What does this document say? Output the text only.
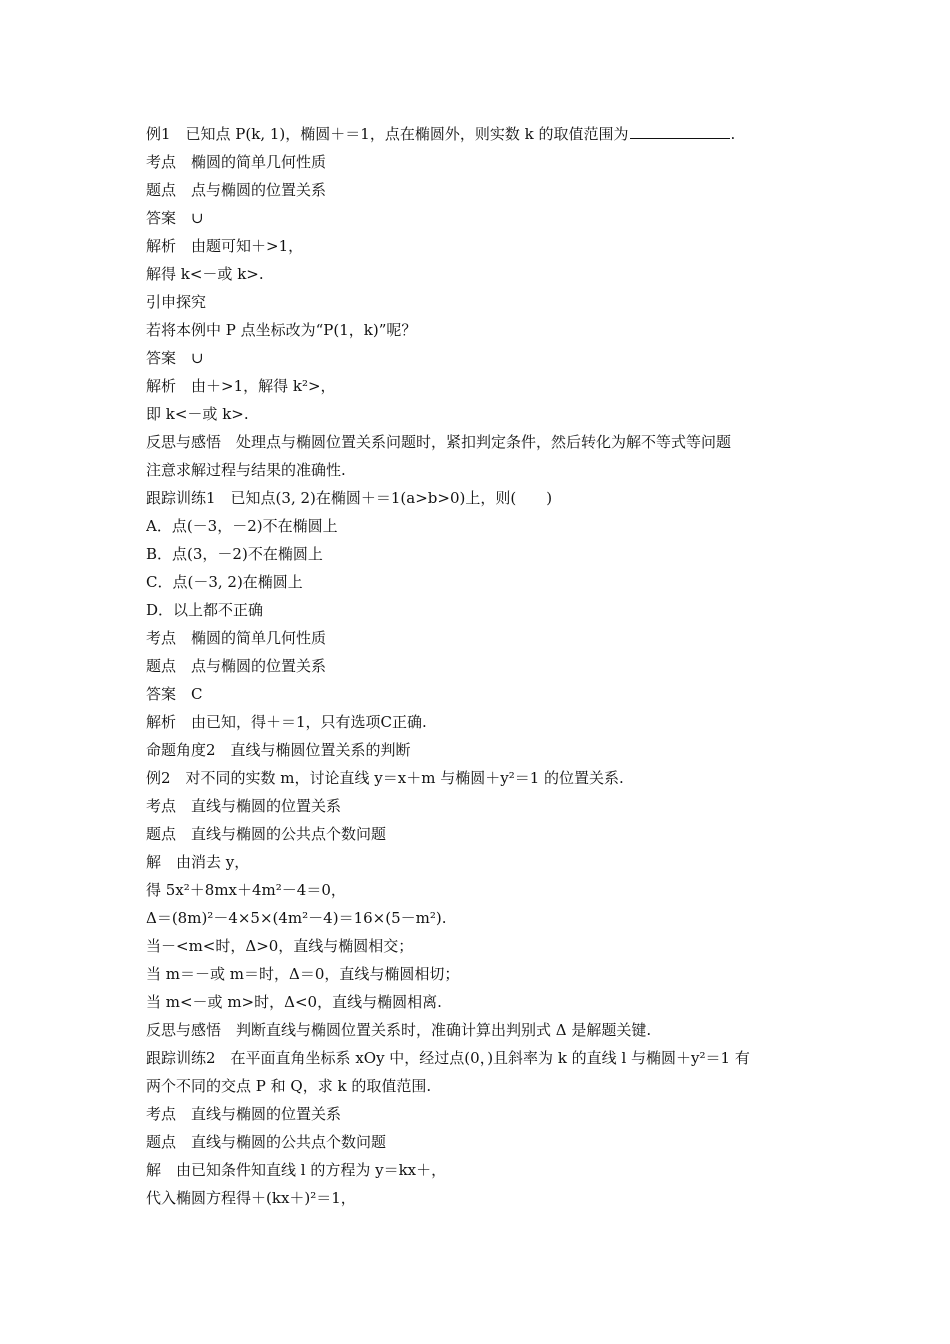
例1　已知点 P(k, 1)，椭圆＋＝1，点在椭圆外，则实数 k 的取值范围为	.

考点　椭圆的简单几何性质

题点　点与椭圆的位置关系

答案　∪

解析　由题可知＋>1，

解得 k<－或 k>.

引申探究

若将本例中 P 点坐标改为“P(1，k)”呢？

答案　∪

解析　由＋>1，解得 k²>，

即 k<－或 k>.

反思与感悟　处理点与椭圆位置关系问题时，紧扣判定条件，然后转化为解不等式等问题

注意求解过程与结果的准确性.

跟踪训练1　已知点(3, 2)在椭圆＋＝1(a>b>0)上，则(　　)

A．点(－3，－2)不在椭圆上

B．点(3，－2)不在椭圆上

C．点(－3, 2)在椭圆上

D．以上都不正确

考点　椭圆的简单几何性质

题点　点与椭圆的位置关系

答案　C

解析　由已知，得＋＝1，只有选项C正确.

命题角度2　直线与椭圆位置关系的判断

例2　对不同的实数 m，讨论直线 y＝x＋m 与椭圆＋y²＝1 的位置关系.

考点　直线与椭圆的位置关系

题点　直线与椭圆的公共点个数问题

解　由消去 y，

得 5x²＋8mx＋4m²－4＝0，

Δ＝(8m)²－4×5×(4m²－4)＝16×(5－m²).

当－<m<时，Δ>0，直线与椭圆相交；

当 m＝－或 m＝时，Δ＝0，直线与椭圆相切；

当 m<－或 m>时，Δ<0，直线与椭圆相离.

反思与感悟　判断直线与椭圆位置关系时，准确计算出判别式 Δ 是解题关键.

跟踪训练2　在平面直角坐标系 xOy 中，经过点(0，)且斜率为 k 的直线 l 与椭圆＋y²＝1 有

两个不同的交点 P 和 Q，求 k 的取值范围.

考点　直线与椭圆的位置关系

题点　直线与椭圆的公共点个数问题

解　由已知条件知直线 l 的方程为 y＝kx＋，

代入椭圆方程得＋(kx＋)²＝1，
